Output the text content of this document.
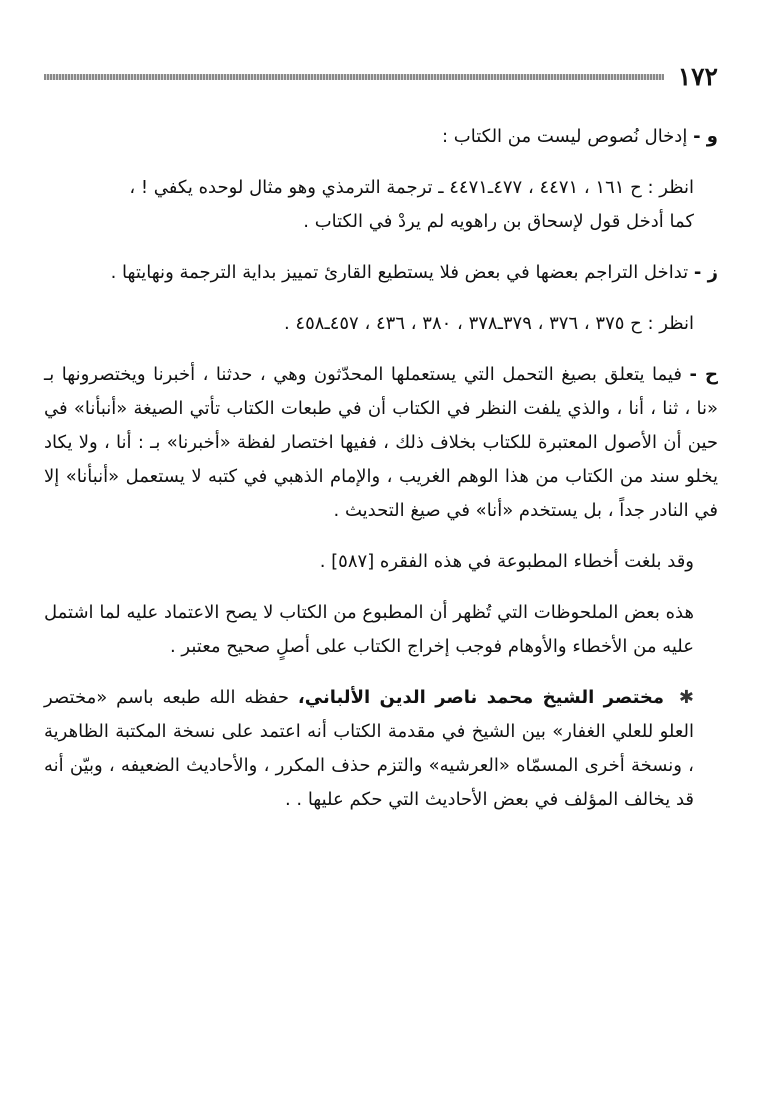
١٧٢

و - إدخال نُصوص ليست من الكتاب :

انظر : ح ١٦١ ، ٤٤٧١ ، ٤٧٧ـ٤٤٧١ ـ ترجمة الترمذي وهو مثال لوحده يكفي ! ،
كما أدخل قول لإسحاق بن راهويه لم يردْ في الكتاب .

ز - تداخل التراجم بعضها في بعض فلا يستطيع القارئ تمييز بداية الترجمة ونهايتها .

انظر : ح ٣٧٥ ، ٣٧٦ ، ٣٧٩ـ٣٧٨ ، ٣٨٠ ، ٤٣٦ ، ٤٥٧ـ٤٥٨ .

ح - فيما يتعلق بصيغ التحمل التي يستعملها المحدّثون وهي ، حدثنا ، أخبرنا ويختصرونها بـ «نا ، ثنا ، أنا ، والذي يلفت النظر في الكتاب أن في طبعات الكتاب تأتي الصيغة «أنبأنا» في حين أن الأصول المعتبرة للكتاب بخلاف ذلك ، ففيها اختصار لفظة «أخبرنا» بـ : أنا ، ولا يكاد يخلو سند من الكتاب من هذا الوهم الغريب ، والإمام الذهبي في كتبه لا يستعمل «أنبأنا» إلا في النادر جداً ، بل يستخدم «أنا» في صيغ التحديث .

وقد بلغت أخطاء المطبوعة في هذه الفقره [٥٨٧] .

هذه بعض الملحوظات التي تُظهر أن المطبوع من الكتاب لا يصح الاعتماد عليه لما اشتمل عليه من الأخطاء والأوهام فوجب إخراج الكتاب على أصلٍ صحيح معتبر .

✱ مختصر الشيخ محمد ناصر الدين الألباني، حفظه الله طبعه باسم «مختصر العلو للعلي الغفار» بين الشيخ في مقدمة الكتاب أنه اعتمد على نسخة المكتبة الظاهرية ، ونسخة أخرى المسمّاه «العرشيه» والتزم حذف المكرر ، والأحاديث الضعيفه ، وبيّن أنه قد يخالف المؤلف في بعض الأحاديث التي حكم عليها . .
